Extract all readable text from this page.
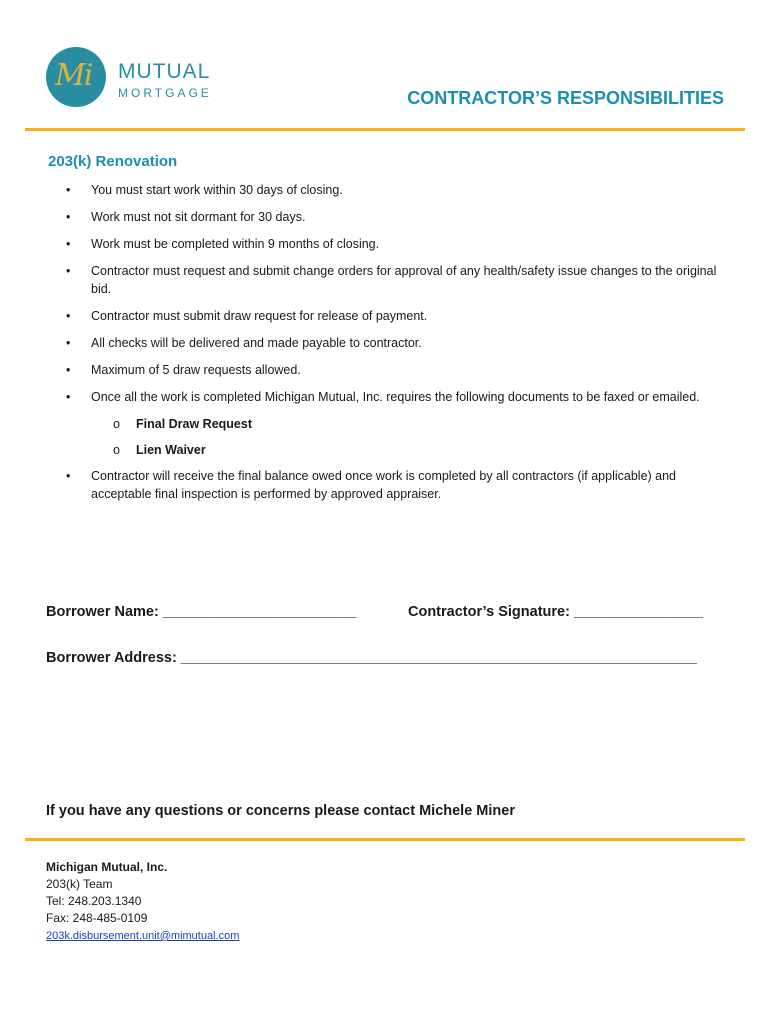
Mi MUTUAL
MORTGAGE	CONTRACTOR’S RESPONSIBILITIES
203(k) Renovation
• You must start work within 30 days of closing.
• Work must not sit dormant for 30 days.
• Work must be completed within 9 months of closing.
• Contractor must request and submit change orders for approval of any health/safety issue changes to the original bid.
• Contractor must submit draw request for release of payment.
• All checks will be delivered and made payable to contractor.
• Maximum of 5 draw requests allowed.
• Once all the work is completed Michigan Mutual, Inc. requires the following documents to be faxed or emailed.
o Final Draw Request
o Lien Waiver
• Contractor will receive the final balance owed once work is completed by all contractors (if applicable) and acceptable final inspection is performed by approved appraiser.
Borrower Name: ________________________	Contractor’s Signature: ________________
Borrower Address: ________________________________________________________________
If you have any questions or concerns please contact Michele Miner
Michigan Mutual, Inc.
203(k) Team
Tel: 248.203.1340
Fax: 248-485-0109
203k.disbursement.unit@mimutual.com
